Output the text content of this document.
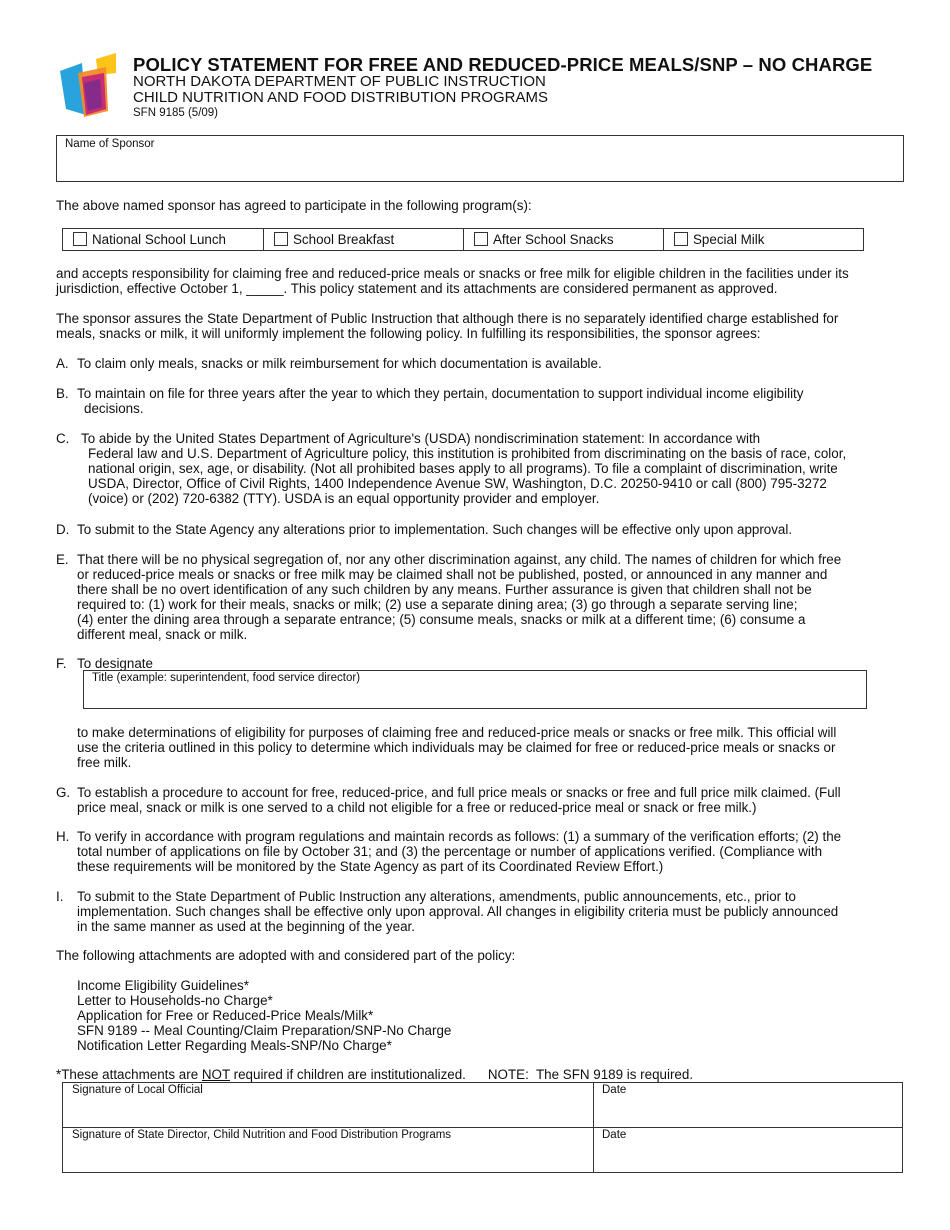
POLICY STATEMENT FOR FREE AND REDUCED-PRICE MEALS/SNP – NO CHARGE
NORTH DAKOTA DEPARTMENT OF PUBLIC INSTRUCTION
CHILD NUTRITION AND FOOD DISTRIBUTION PROGRAMS
SFN 9185 (5/09)
Name of Sponsor
The above named sponsor has agreed to participate in the following program(s):
National School Lunch	School Breakfast	After School Snacks	Special Milk
and accepts responsibility for claiming free and reduced-price meals or snacks or free milk for eligible children in the facilities under its
jurisdiction, effective October 1, _____. This policy statement and its attachments are considered permanent as approved.
The sponsor assures the State Department of Public Instruction that although there is no separately identified charge established for
meals, snacks or milk, it will uniformly implement the following policy. In fulfilling its responsibilities, the sponsor agrees:
A. To claim only meals, snacks or milk reimbursement for which documentation is available.
B. To maintain on file for three years after the year to which they pertain, documentation to support individual income eligibility
decisions.
C. To abide by the United States Department of Agriculture's (USDA) nondiscrimination statement: In accordance with
Federal law and U.S. Department of Agriculture policy, this institution is prohibited from discriminating on the basis of race, color,
national origin, sex, age, or disability. (Not all prohibited bases apply to all programs). To file a complaint of discrimination, write
USDA, Director, Office of Civil Rights, 1400 Independence Avenue SW, Washington, D.C. 20250-9410 or call (800) 795-3272
(voice) or (202) 720-6382 (TTY). USDA is an equal opportunity provider and employer.
D. To submit to the State Agency any alterations prior to implementation. Such changes will be effective only upon approval.
E. That there will be no physical segregation of, nor any other discrimination against, any child. The names of children for which free
or reduced-price meals or snacks or free milk may be claimed shall not be published, posted, or announced in any manner and
there shall be no overt identification of any such children by any means. Further assurance is given that children shall not be
required to: (1) work for their meals, snacks or milk; (2) use a separate dining area; (3) go through a separate serving line;
(4) enter the dining area through a separate entrance; (5) consume meals, snacks or milk at a different time; (6) consume a
different meal, snack or milk.
F. To designate
Title (example: superintendent, food service director)
to make determinations of eligibility for purposes of claiming free and reduced-price meals or snacks or free milk. This official will
use the criteria outlined in this policy to determine which individuals may be claimed for free or reduced-price meals or snacks or
free milk.
G. To establish a procedure to account for free, reduced-price, and full price meals or snacks or free and full price milk claimed. (Full
price meal, snack or milk is one served to a child not eligible for a free or reduced-price meal or snack or free milk.)
H. To verify in accordance with program regulations and maintain records as follows: (1) a summary of the verification efforts; (2) the
total number of applications on file by October 31; and (3) the percentage or number of applications verified. (Compliance with
these requirements will be monitored by the State Agency as part of its Coordinated Review Effort.)
I. To submit to the State Department of Public Instruction any alterations, amendments, public announcements, etc., prior to
implementation. Such changes shall be effective only upon approval. All changes in eligibility criteria must be publicly announced
in the same manner as used at the beginning of the year.
The following attachments are adopted with and considered part of the policy:
Income Eligibility Guidelines*
Letter to Households-no Charge*
Application for Free or Reduced-Price Meals/Milk*
SFN 9189 -- Meal Counting/Claim Preparation/SNP-No Charge
Notification Letter Regarding Meals-SNP/No Charge*
*These attachments are NOT required if children are institutionalized. NOTE:  The SFN 9189 is required.
Signature of Local Official	Date
Signature of State Director, Child Nutrition and Food Distribution Programs	Date
